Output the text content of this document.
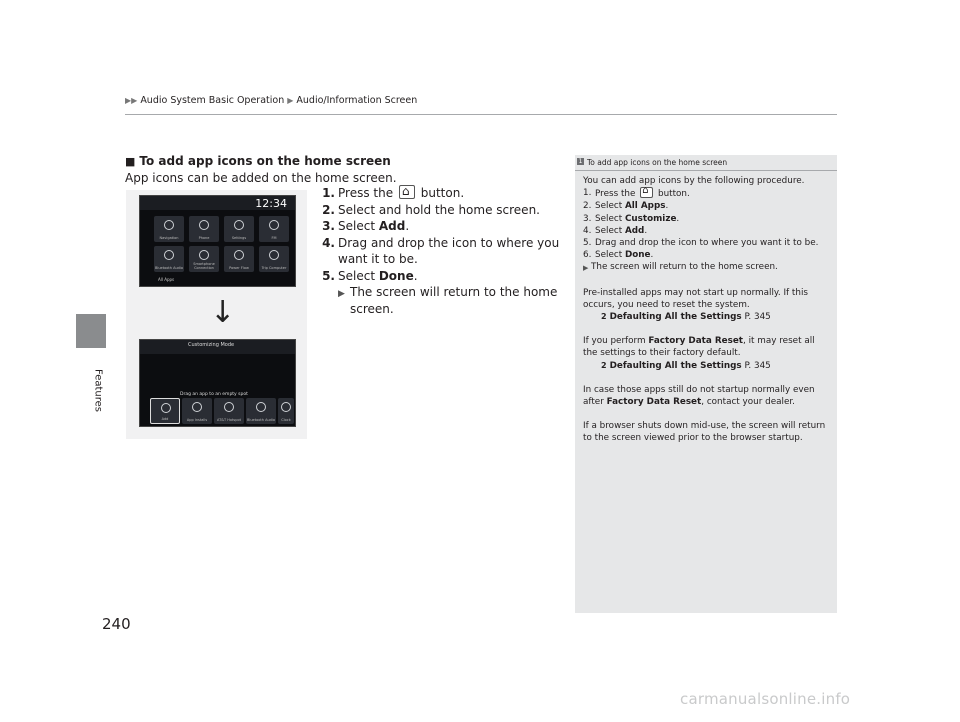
▶▶ Audio System Basic Operation ▶ Audio/Information Screen
Features
240
■ To add app icons on the home screen
App icons can be added on the home screen.
12:34
Navigation	Phone	Settings	FM
Bluetooth Audio
Smartphone Connection	Power Flow	Trip Computer
All Apps
↓
Customizing Mode
Drag an app to an empty spot
Add	App Installs	AT&T Hotspot	Bluetooth Audio	Clock
1. Press the ⌂ button.
2. Select and hold the home screen.
3. Select Add.
4. Drag and drop the icon to where you want it to be.
5. Select Done.
▶ The screen will return to the home screen.
1 To add app icons on the home screen
You can add app icons by the following procedure.
1. Press the ⌂	button.
2. Select All Apps.
3. Select Customize.
4. Select Add.
5. Drag and drop the icon to where you want it to be.
6. Select Done.

▶ The screen will return to the home screen.

Pre-installed apps may not start up normally. If this occurs, you need to reset the system.

2 Defaulting All the Settings P. 345

If you perform Factory Data Reset, it may reset all the settings to their factory default.

2 Defaulting All the Settings P. 345

In case those apps still do not startup normally even after Factory Data Reset, contact your dealer.

If a browser shuts down mid-use, the screen will return to the screen viewed prior to the browser startup.

carmanualsonline.info
